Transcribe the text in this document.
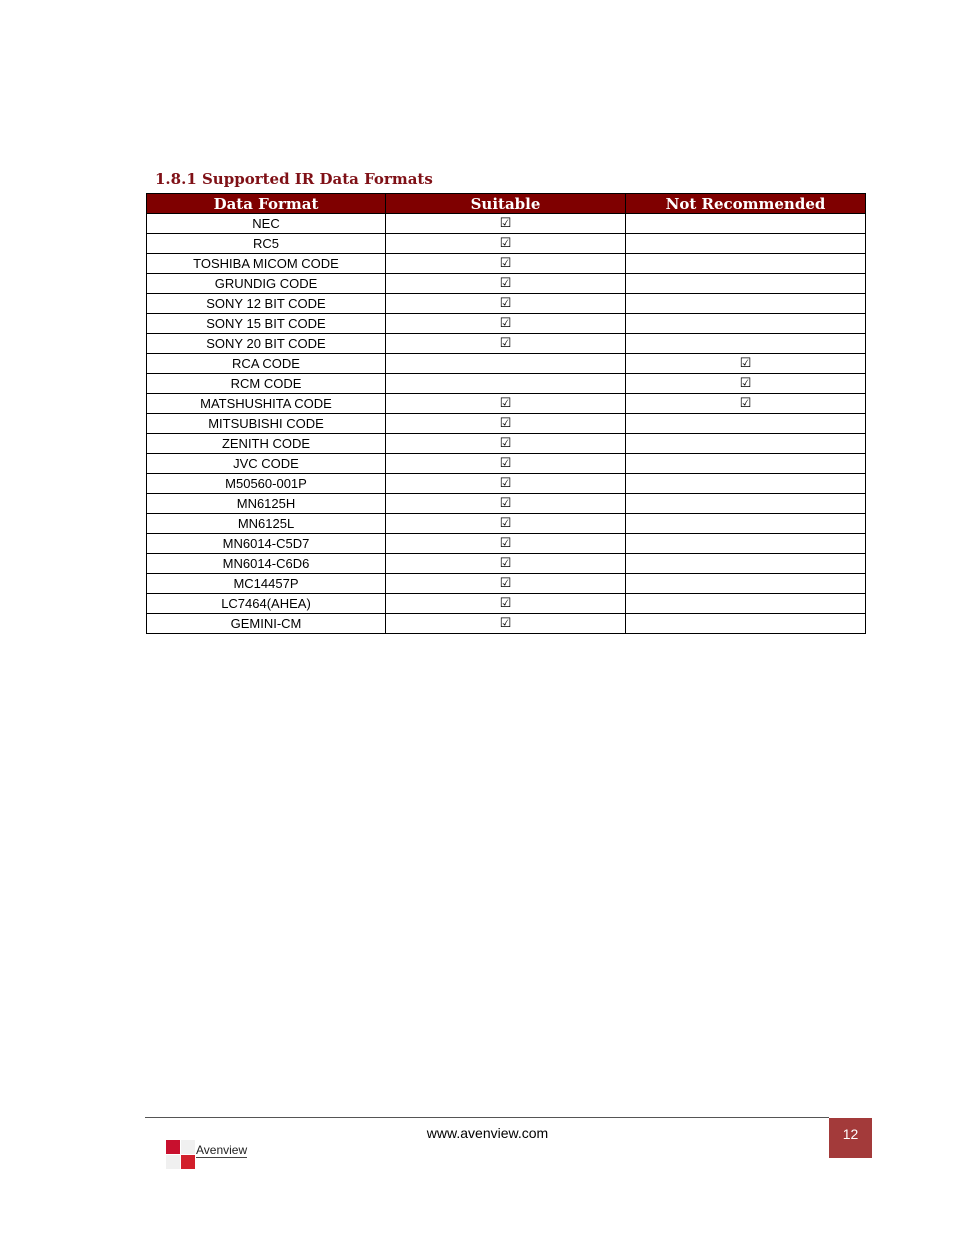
1.8.1 Supported IR Data Formats
Data Format	Suitable	Not Recommended
NEC	☑	
RC5	☑	
TOSHIBA MICOM CODE	☑	
GRUNDIG CODE	☑	
SONY 12 BIT CODE	☑	
SONY 15 BIT CODE	☑	
SONY 20 BIT CODE	☑	
RCA CODE		☑
RCM CODE		☑
MATSHUSHITA CODE	☑	☑
MITSUBISHI CODE	☑	
ZENITH CODE	☑	
JVC CODE	☑	
M50560-001P	☑	
MN6125H	☑	
MN6125L	☑	
MN6014-C5D7	☑	
MN6014-C6D6	☑	
MC14457P	☑	
LC7464(AHEA)	☑	
GEMINI-CM	☑	
Avenview
www.avenview.com	12
